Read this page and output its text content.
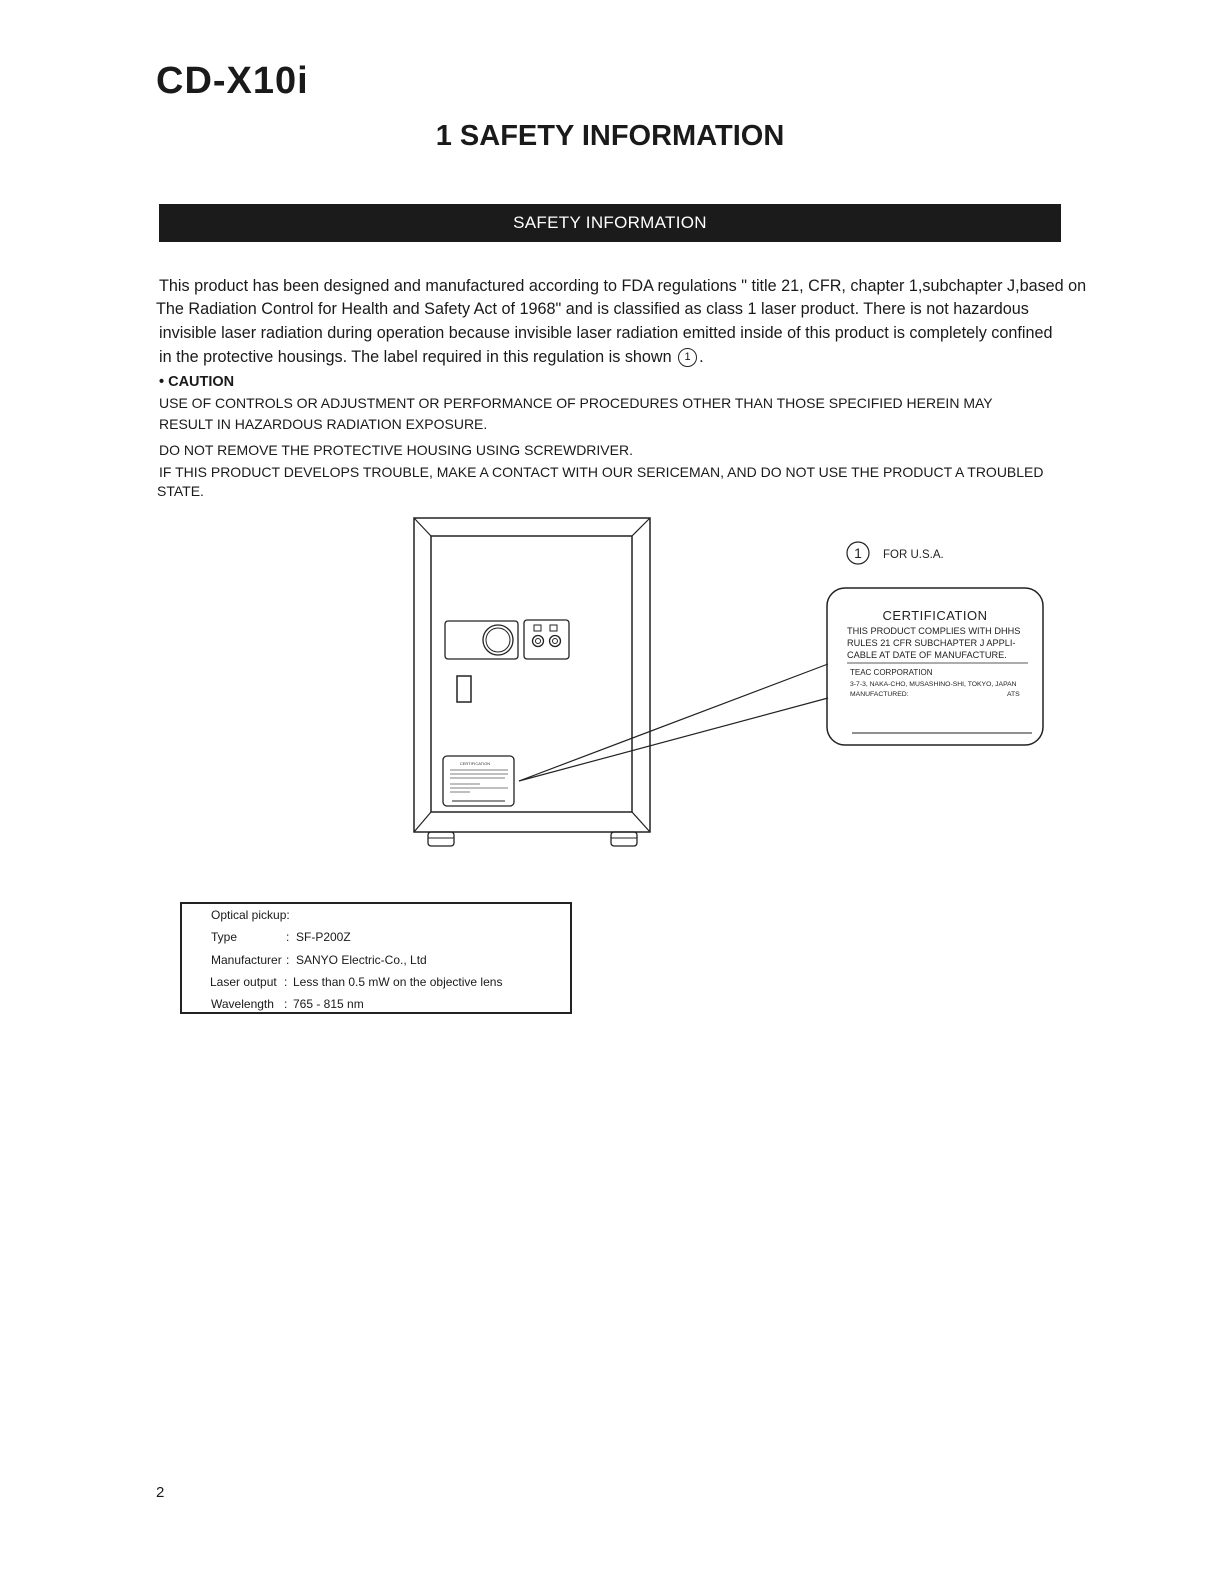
CD-X10i
1 SAFETY INFORMATION
SAFETY INFORMATION

This product has been designed and manufactured according to FDA regulations " title 21, CFR, chapter 1,subchapter J,based on

The Radiation Control for Health and Safety Act of 1968" and is classified as class 1 laser product. There is not hazardous

invisible laser radiation during operation because invisible laser radiation emitted inside of this product is completely confined

in the protective housings. The label required in this regulation is shown 1 .

• CAUTION

USE OF CONTROLS OR ADJUSTMENT OR PERFORMANCE OF PROCEDURES OTHER THAN THOSE SPECIFIED HEREIN MAY

RESULT IN HAZARDOUS RADIATION EXPOSURE.

DO NOT REMOVE THE PROTECTIVE HOUSING USING SCREWDRIVER.

IF THIS PRODUCT DEVELOPS TROUBLE, MAKE A CONTACT WITH OUR SERICEMAN, AND DO NOT USE THE PRODUCT A TROUBLED

STATE.

CERTIFICATION
1 FOR U.S.A.
CERTIFICATION
THIS PRODUCT COMPLIES WITH DHHS
RULES 21 CFR SUBCHAPTER J APPLI-
CABLE AT DATE OF MANUFACTURE.
TEAC CORPORATION
3-7-3, NAKA-CHO, MUSASHINO-SHI, TOKYO, JAPAN
MANUFACTURED:	ATS
Optical pickup:
Type	: SF-P200Z
Manufacturer : SANYO Electric-Co., Ltd
Laser output : Less than 0.5 mW on the objective lens
Wavelength : 765 - 815 nm
2
